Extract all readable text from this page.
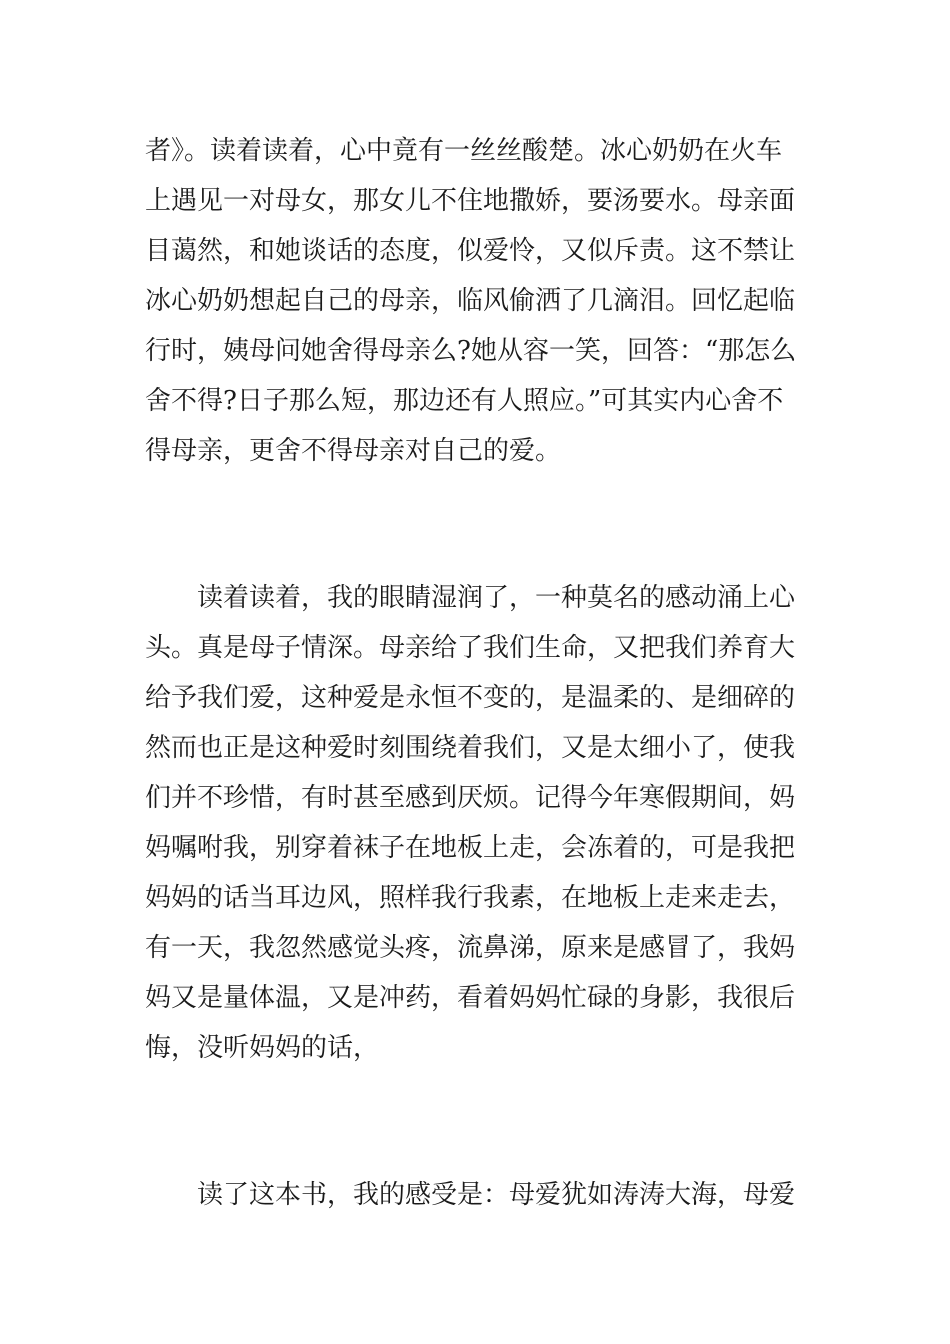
者》。读着读着，心中竟有一丝丝酸楚。冰心奶奶在火车
上遇见一对母女，那女儿不住地撒娇，要汤要水。母亲面
目蔼然，和她谈话的态度，似爱怜，又似斥责。这不禁让
冰心奶奶想起自己的母亲，临风偷洒了几滴泪。回忆起临
行时，姨母问她舍得母亲么?她从容一笑，回答：“那怎么
舍不得?日子那么短，那边还有人照应。”可其实内心舍不
得母亲，更舍不得母亲对自己的爱。
读着读着，我的眼睛湿润了，一种莫名的感动涌上心
头。真是母子情深。母亲给了我们生命，又把我们养育大
给予我们爱，这种爱是永恒不变的，是温柔的、是细碎的
然而也正是这种爱时刻围绕着我们，又是太细小了，使我
们并不珍惜，有时甚至感到厌烦。记得今年寒假期间，妈
妈嘱咐我，别穿着袜子在地板上走，会冻着的，可是我把
妈妈的话当耳边风，照样我行我素，在地板上走来走去，
有一天，我忽然感觉头疼，流鼻涕，原来是感冒了，我妈
妈又是量体温，又是冲药，看着妈妈忙碌的身影，我很后
悔，没听妈妈的话，
读了这本书，我的感受是：母爱犹如涛涛大海，母爱
